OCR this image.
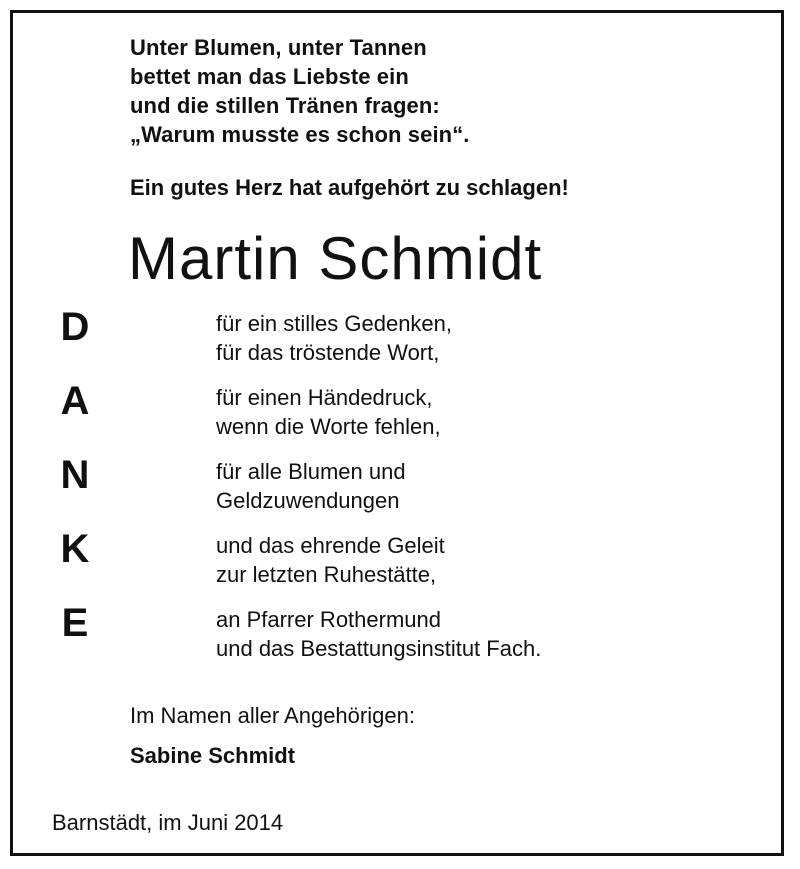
Unter Blumen, unter Tannen
bettet man das Liebste ein
und die stillen Tränen fragen:
„Warum musste es schon sein“.
Ein gutes Herz hat aufgehört zu schlagen!
Martin Schmidt
D
A
N
K
E
für ein stilles Gedenken,
für das tröstende Wort,
für einen Händedruck,
wenn die Worte fehlen,
für alle Blumen und
Geldzuwendungen
und das ehrende Geleit
zur letzten Ruhestätte,
an Pfarrer Rothermund
und das Bestattungsinstitut Fach.
Im Namen aller Angehörigen:
Sabine Schmidt
Barnstädt, im Juni 2014
